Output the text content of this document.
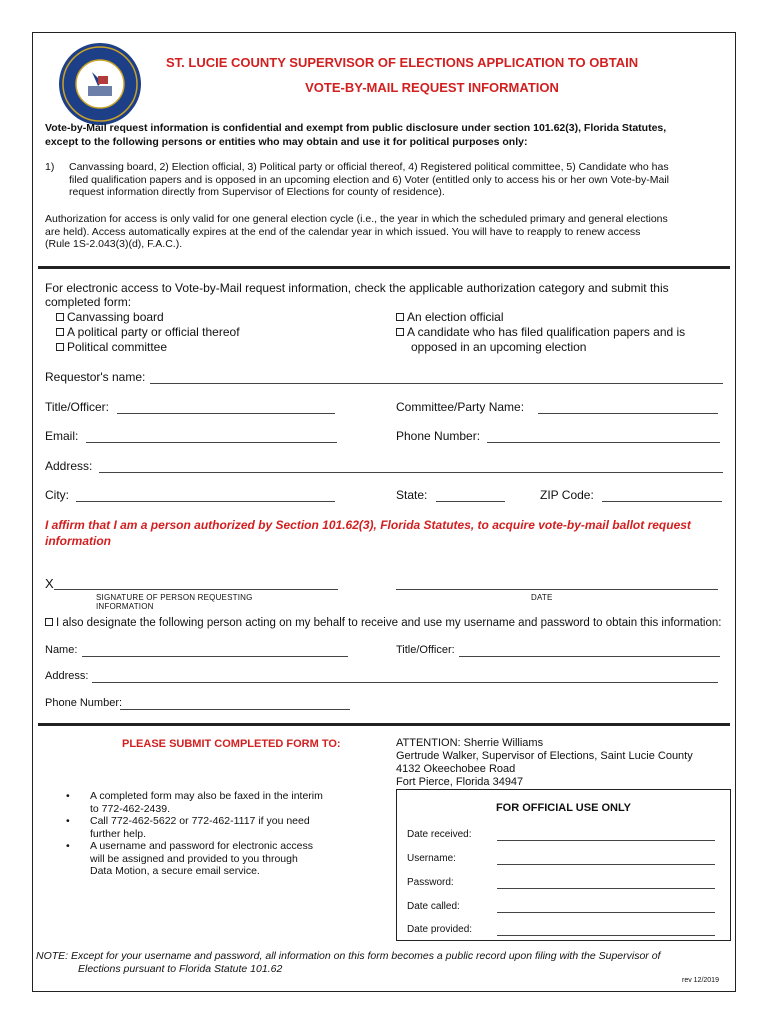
ST. LUCIE COUNTY SUPERVISOR OF ELECTIONS APPLICATION TO OBTAIN
VOTE-BY-MAIL REQUEST INFORMATION
Vote-by-Mail request information is confidential and exempt from public disclosure under section 101.62(3), Florida Statutes,
except to the following persons or entities who may obtain and use it for political purposes only:
1) Canvassing board, 2) Election official, 3) Political party or official thereof, 4) Registered political committee, 5) Candidate who has
filed qualification papers and is opposed in an upcoming election and 6) Voter (entitled only to access his or her own Vote-by-Mail
request information directly from Supervisor of Elections for county of residence).
Authorization for access is only valid for one general election cycle (i.e., the year in which the scheduled primary and general elections
are held). Access automatically expires at the end of the calendar year in which issued. You will have to reapply to renew access
(Rule 1S-2.043(3)(d), F.A.C.).
For electronic access to Vote-by-Mail request information, check the applicable authorization category and submit this
completed form:
Canvassing board
A political party or official thereof
Political committee
An election official
A candidate who has filed qualification papers and is
opposed in an upcoming election
Requestor's name:
Title/Officer:	Committee/Party Name:
Email:	Phone Number:
Address:
City:	State:	ZIP Code:
I affirm that I am a person authorized by Section 101.62(3), Florida Statutes, to acquire vote-by-mail ballot request
information
X
SIGNATURE OF PERSON REQUESTING INFORMATION
DATE
I also designate the following person acting on my behalf to receive and use my username and password to obtain this information:
Name:	Title/Officer:
Address:
Phone Number:
PLEASE SUBMIT COMPLETED FORM TO:	ATTENTION: Sherrie Williams
Gertrude Walker, Supervisor of Elections, Saint Lucie County
4132 Okeechobee Road
Fort Pierce, Florida 34947
• A completed form may also be faxed in the interim
to 772-462-2439.
• Call 772-462-5622 or 772-462-1117 if you need
further help.
• A username and password for electronic access
will be assigned and provided to you through
Data Motion, a secure email service.
FOR OFFICIAL USE ONLY
Date received:
Username:
Password:
Date called:
Date provided:
NOTE: Except for your username and password, all information on this form becomes a public record upon filing with the Supervisor of
Elections pursuant to Florida Statute 101.62
rev 12/2019
